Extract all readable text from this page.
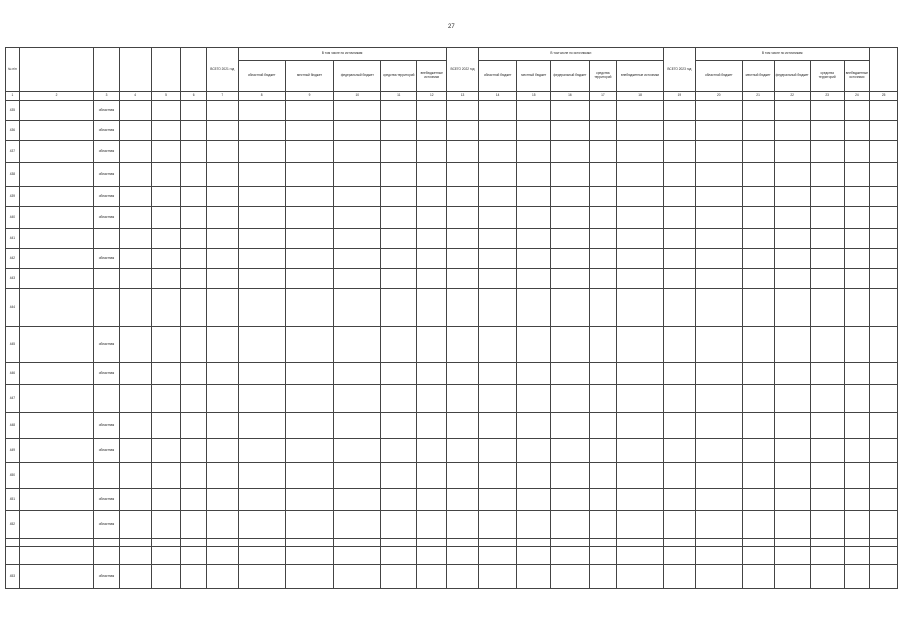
27
№ п/п						ВСЕГО 2021 год	В том числе по источникам:					ВСЕГО 2022 год	В том числе по источникам:					ВСЕГО 2023 год	В том числе по источникам:					
							областной бюджет	местный бюджет	федеральный бюджет	средства территорий	внебюджетные источники		областной бюджет	местный бюджет	федеральный бюджет	средства территорий	внебюджетные источники		областной бюджет	местный бюджет	федеральный бюджет	средства территорий	внебюджетные источники	
1	2	3	4	5	6	7	8	9	10	11	12	13	14	15	16	17	18	19	20	21	22	23	24	25
435		областная																						
436		областная																						
437		областная																						
438		областная																						
439		областная																						
440		областная																						
441																								
442		областная																						
443																								
444																								
445		областная																						
446		областная																						
447																								
448		областная																						
449		областная																						
450																								
451		областная																						
452		областная																						

453		областная																						
